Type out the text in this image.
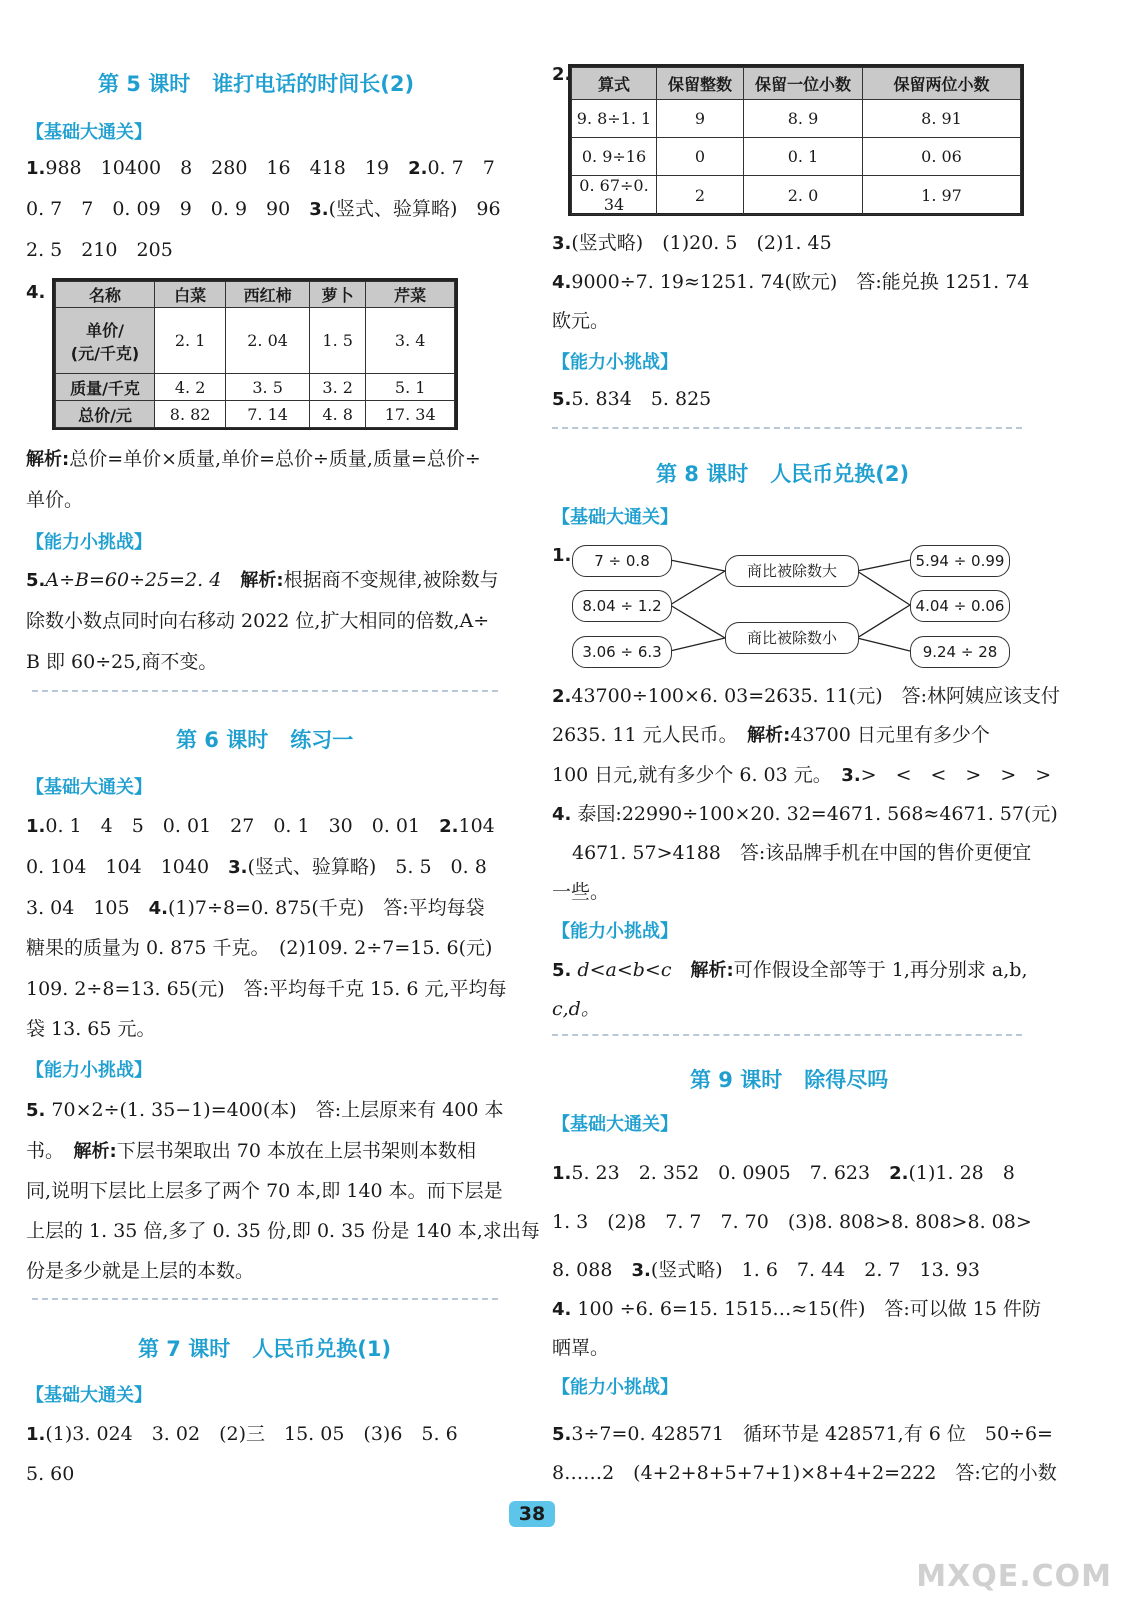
第 5 课时 谁打电话的时间长(2)
【基础大通关】
1.988　10400　8　280　16　418　19　 2.0. 7　7
0. 7　7　0. 09　9　0. 9　90　 3.(竖式、验算略)　96
2. 5　210　205
4.	名称	白菜	西红柿	萝卜	芹菜
单价/
(元/千克)	2. 1	2. 04	1. 5	3. 4
质量/千克	4. 2	3. 5	3. 2	5. 1
总价/元	8. 82	7. 14	4. 8	17. 34
解析:总价=单价×质量,单价=总价÷质量,质量=总价÷
单价。
【能力小挑战】
5.A÷B=60÷25=2. 4　 解析:根据商不变规律,被除数与
除数小数点同时向右移动 2022 位,扩大相同的倍数,A÷
B 即 60÷25,商不变。
第 6 课时 练习一
【基础大通关】
1.0. 1　4　5　0. 01　27　0. 1　30　0. 01　 2.104
0. 104　104　1040　 3.(竖式、验算略)　5. 5　0. 8
3. 04　105　 4.(1)7÷8=0. 875(千克)　答:平均每袋
糖果的质量为 0. 875 千克。　(2)109. 2÷7=15. 6(元)
109. 2÷8=13. 65(元)　答:平均每千克 15. 6 元,平均每
袋 13. 65 元。
【能力小挑战】
5. 70×2÷(1. 35−1)=400(本)　答:上层原来有 400 本
书。　 解析:下层书架取出 70 本放在上层书架则本数相
同,说明下层比上层多了两个 70 本,即 140 本。而下层是
上层的 1. 35 倍,多了 0. 35 份,即 0. 35 份是 140 本,求出每
份是多少就是上层的本数。
第 7 课时 人民币兑换(1)
【基础大通关】
1.(1)3. 024　3. 02　(2)三　15. 05　(3)6　5. 6
5. 60
2. 算式	保留整数	保留一位小数	保留两位小数
9. 8÷1. 1	9	8. 9	8. 91
0. 9÷16	0	0. 1	0. 06
0. 67÷0. 34	2	2. 0	1. 97
3.(竖式略)　(1)20. 5　(2)1. 45
4.9000÷7. 19≈1251. 74(欧元)　答:能兑换 1251. 74
欧元。
【能力小挑战】
5.5. 834　5. 825
第 8 课时 人民币兑换(2)
【基础大通关】
1.	7 ÷ 0.8
8.04 ÷ 1.2
3.06 ÷ 6.3
商比被除数大
商比被除数小
5.94 ÷ 0.99
4.04 ÷ 0.06
9.24 ÷ 28
2.43700÷100×6. 03=2635. 11(元)　答:林阿姨应该支付
2635. 11 元人民币。　 解析:43700 日元里有多少个
100 日元,就有多少个 6. 03 元。　 3.>　<　<　>　>　>
4. 泰国:22990÷100×20. 32=4671. 568≈4671. 57(元)
4671. 57>4188　答:该品牌手机在中国的售价更便宜
一些。
【能力小挑战】
5. d<a<b<c　 解析:可作假设全部等于 1,再分别求 a,b,
c,d。
第 9 课时 除得尽吗
【基础大通关】
1.5. 23　2. 352　0. 0905　7. 623　 2.(1)1. 28　8
1. 3　(2)8　7. 7　7. 70　(3)8. 808>8. 808>8. 08>
8. 088　 3.(竖式略)　1. 6　7. 44　2. 7　13. 93
4. 100 ÷6. 6=15. 1515…≈15(件)　答:可以做 15 件防
晒罩。
【能力小挑战】
5.3÷7=0. 428571　循环节是 428571,有 6 位　50÷6=
8……2　(4+2+8+5+7+1)×8+4+2=222　答:它的小数
38
MXQE.COM
